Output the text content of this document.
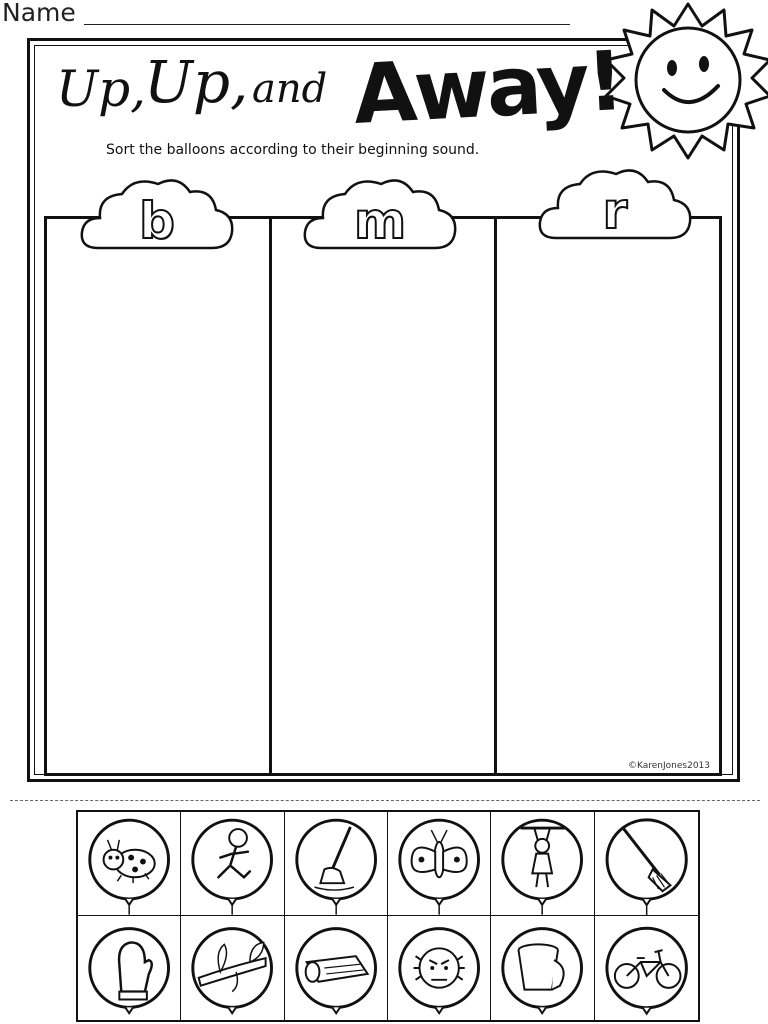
Name
Up,
Up, and Away!
Sort the balloons according to their beginning sound.
b	m	r
©KarenJones2013
